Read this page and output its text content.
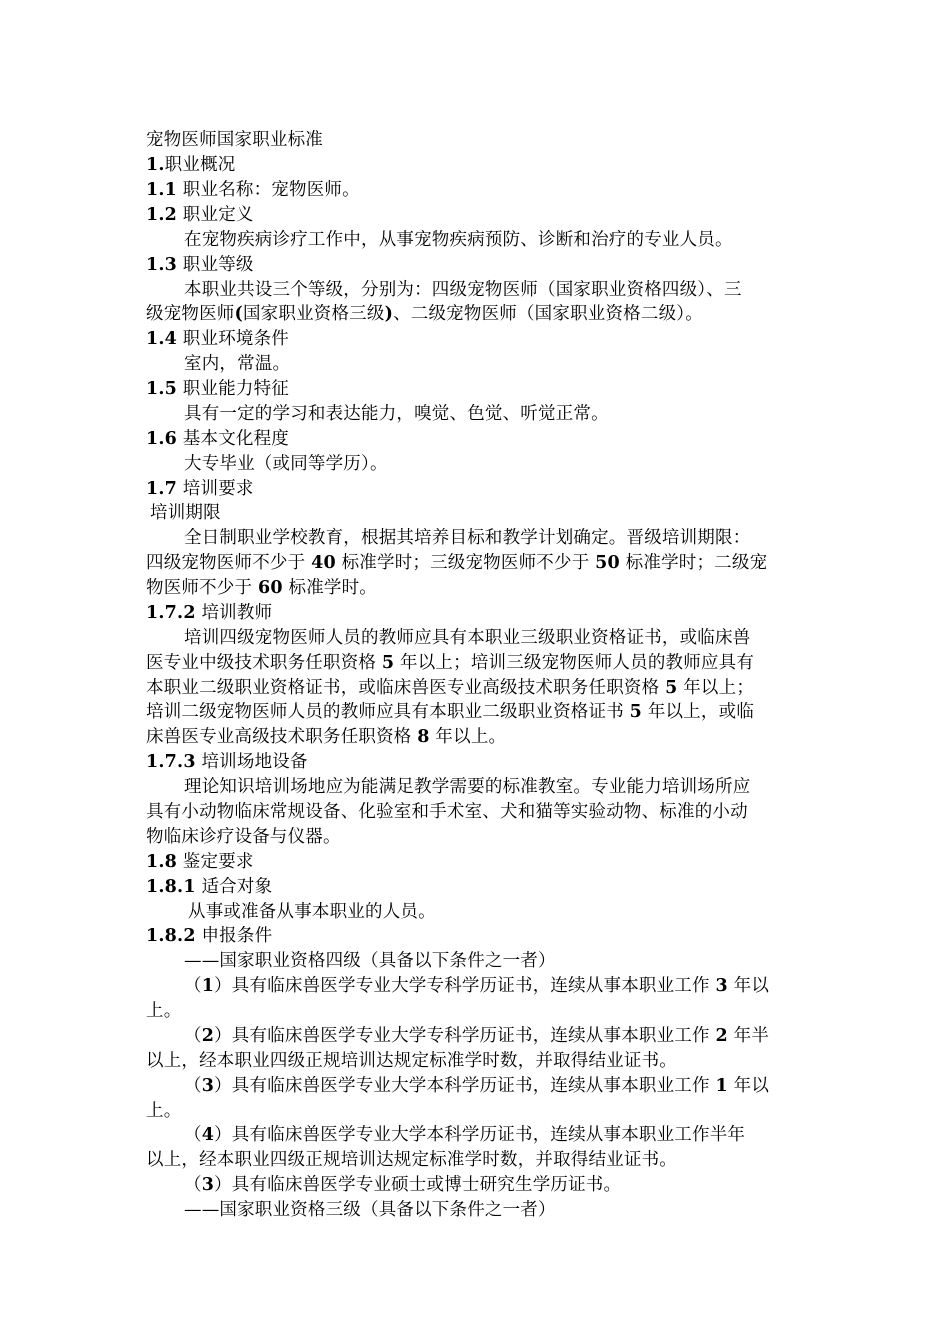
宠物医师国家职业标准
1.职业概况
1.1 职业名称：宠物医师。
1.2 职业定义
在宠物疾病诊疗工作中，从事宠物疾病预防、诊断和治疗的专业人员。
1.3 职业等级
本职业共设三个等级，分别为：四级宠物医师（国家职业资格四级）、三
级宠物医师(国家职业资格三级)、二级宠物医师（国家职业资格二级）。
1.4 职业环境条件
室内，常温。
1.5 职业能力特征
具有一定的学习和表达能力，嗅觉、色觉、听觉正常。
1.6 基本文化程度
大专毕业（或同等学历）。
1.7 培训要求
培训期限
全日制职业学校教育，根据其培养目标和教学计划确定。晋级培训期限：
四级宠物医师不少于 40 标准学时；三级宠物医师不少于 50 标准学时；二级宠
物医师不少于 60 标准学时。
1.7.2 培训教师
培训四级宠物医师人员的教师应具有本职业三级职业资格证书，或临床兽
医专业中级技术职务任职资格 5 年以上；培训三级宠物医师人员的教师应具有
本职业二级职业资格证书，或临床兽医专业高级技术职务任职资格 5 年以上；
培训二级宠物医师人员的教师应具有本职业二级职业资格证书 5 年以上，或临
床兽医专业高级技术职务任职资格 8 年以上。
1.7.3 培训场地设备
理论知识培训场地应为能满足教学需要的标准教室。专业能力培训场所应
具有小动物临床常规设备、化验室和手术室、犬和猫等实验动物、标准的小动
物临床诊疗设备与仪器。
1.8 鉴定要求
1.8.1 适合对象
从事或准备从事本职业的人员。
1.8.2 申报条件
——国家职业资格四级（具备以下条件之一者）
（1）具有临床兽医学专业大学专科学历证书，连续从事本职业工作 3 年以
上。
（2）具有临床兽医学专业大学专科学历证书，连续从事本职业工作 2 年半
以上，经本职业四级正规培训达规定标准学时数，并取得结业证书。
（3）具有临床兽医学专业大学本科学历证书，连续从事本职业工作 1 年以
上。
（4）具有临床兽医学专业大学本科学历证书，连续从事本职业工作半年
以上，经本职业四级正规培训达规定标准学时数，并取得结业证书。
（3）具有临床兽医学专业硕士或博士研究生学历证书。
——国家职业资格三级（具备以下条件之一者）
